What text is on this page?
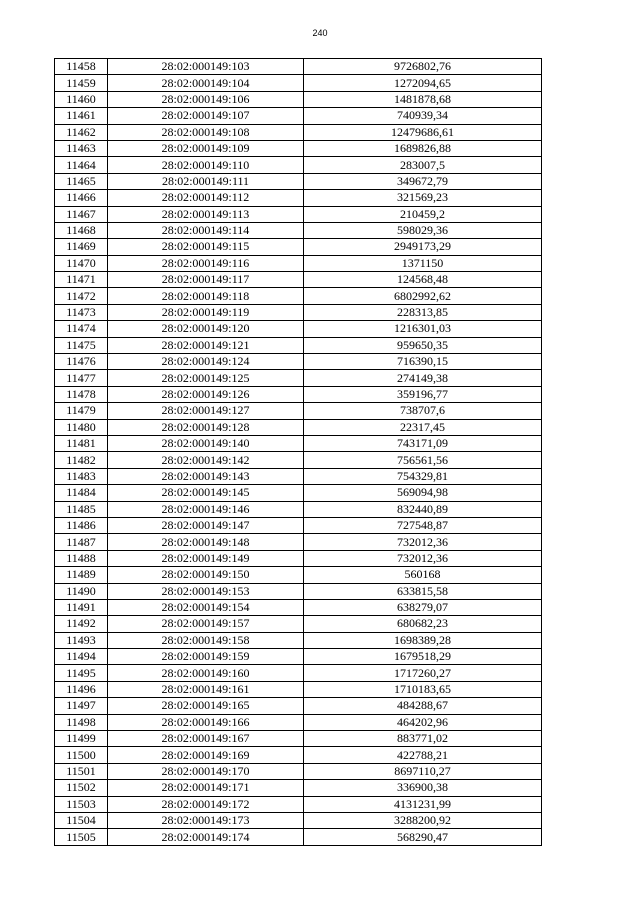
240
11458	28:02:000149:103	9726802,76
11459	28:02:000149:104	1272094,65
11460	28:02:000149:106	1481878,68
11461	28:02:000149:107	740939,34
11462	28:02:000149:108	12479686,61
11463	28:02:000149:109	1689826,88
11464	28:02:000149:110	283007,5
11465	28:02:000149:111	349672,79
11466	28:02:000149:112	321569,23
11467	28:02:000149:113	210459,2
11468	28:02:000149:114	598029,36
11469	28:02:000149:115	2949173,29
11470	28:02:000149:116	1371150
11471	28:02:000149:117	124568,48
11472	28:02:000149:118	6802992,62
11473	28:02:000149:119	228313,85
11474	28:02:000149:120	1216301,03
11475	28:02:000149:121	959650,35
11476	28:02:000149:124	716390,15
11477	28:02:000149:125	274149,38
11478	28:02:000149:126	359196,77
11479	28:02:000149:127	738707,6
11480	28:02:000149:128	22317,45
11481	28:02:000149:140	743171,09
11482	28:02:000149:142	756561,56
11483	28:02:000149:143	754329,81
11484	28:02:000149:145	569094,98
11485	28:02:000149:146	832440,89
11486	28:02:000149:147	727548,87
11487	28:02:000149:148	732012,36
11488	28:02:000149:149	732012,36
11489	28:02:000149:150	560168
11490	28:02:000149:153	633815,58
11491	28:02:000149:154	638279,07
11492	28:02:000149:157	680682,23
11493	28:02:000149:158	1698389,28
11494	28:02:000149:159	1679518,29
11495	28:02:000149:160	1717260,27
11496	28:02:000149:161	1710183,65
11497	28:02:000149:165	484288,67
11498	28:02:000149:166	464202,96
11499	28:02:000149:167	883771,02
11500	28:02:000149:169	422788,21
11501	28:02:000149:170	8697110,27
11502	28:02:000149:171	336900,38
11503	28:02:000149:172	4131231,99
11504	28:02:000149:173	3288200,92
11505	28:02:000149:174	568290,47
